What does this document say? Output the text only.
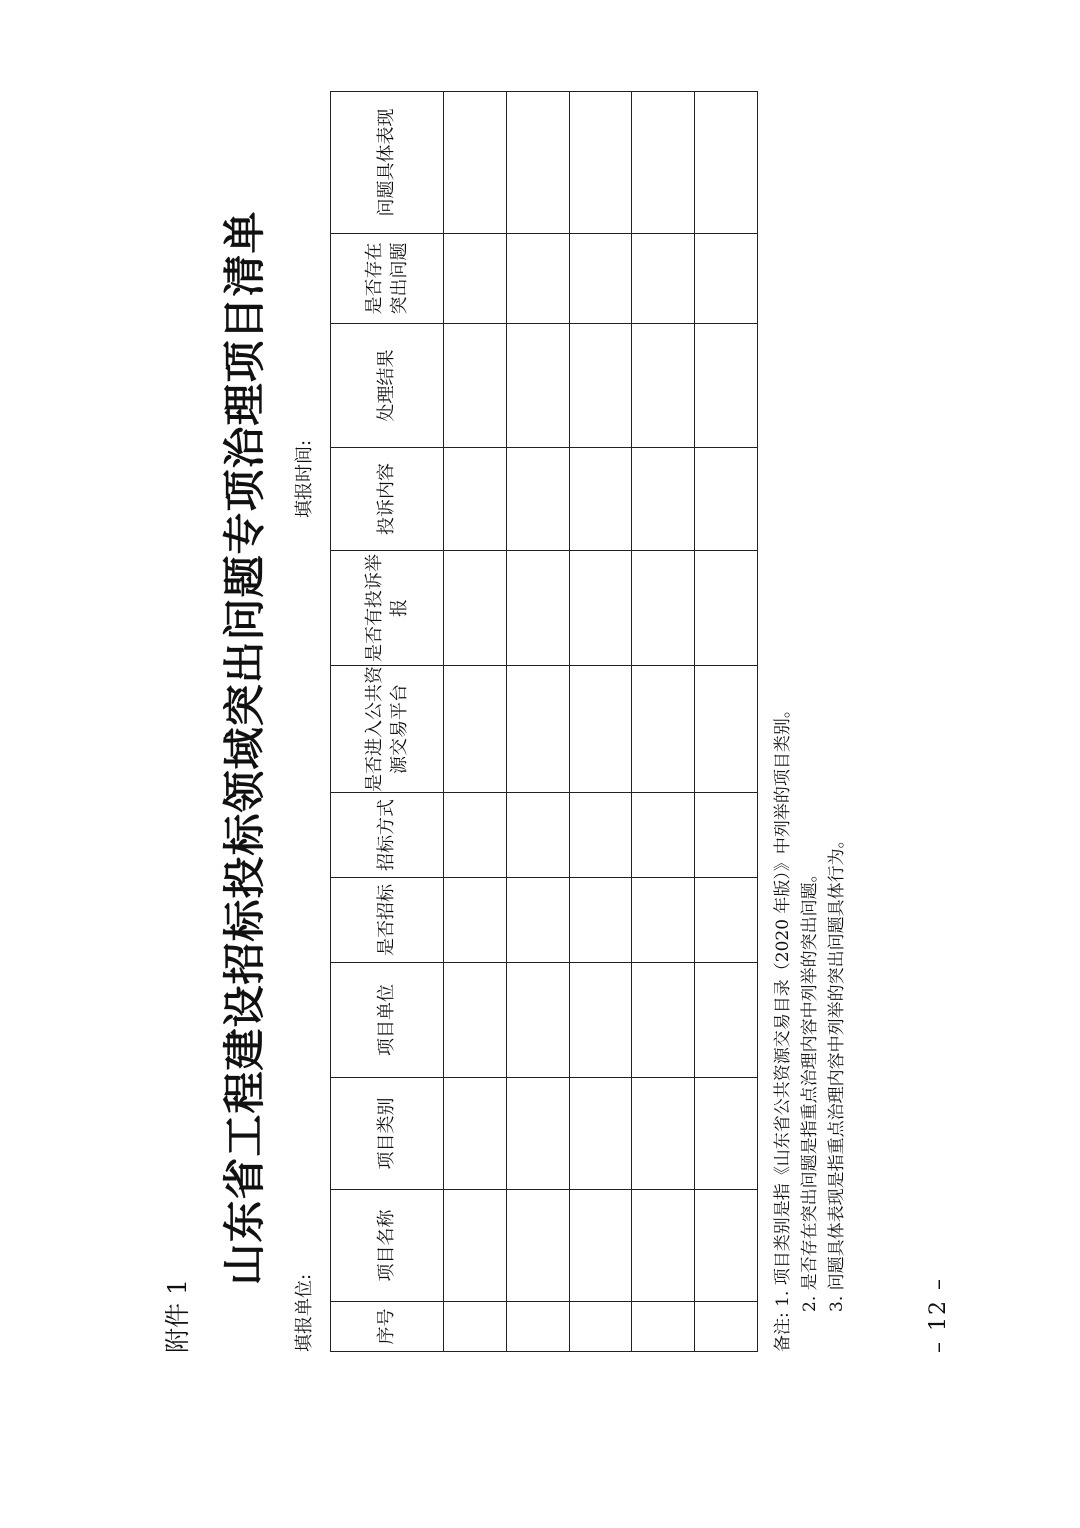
附件 1
山东省工程建设招标投标领域突出问题专项治理项目清单
填报单位:
填报时间:
序号	项目名称	项目类别	项目单位	是否招标	招标方式	是否进入公共资源交易平台	是否有投诉举报	投诉内容	处理结果	是否存在突出问题	问题具体表现

备注: 1. 项目类别是指《山东省公共资源交易目录（2020 年版）》中列举的项目类别。 2. 是否存在突出问题是指重点治理内容中列举的突出问题。 3. 问题具体表现是指重点治理内容中列举的突出问题具体行为。
– 12 –
